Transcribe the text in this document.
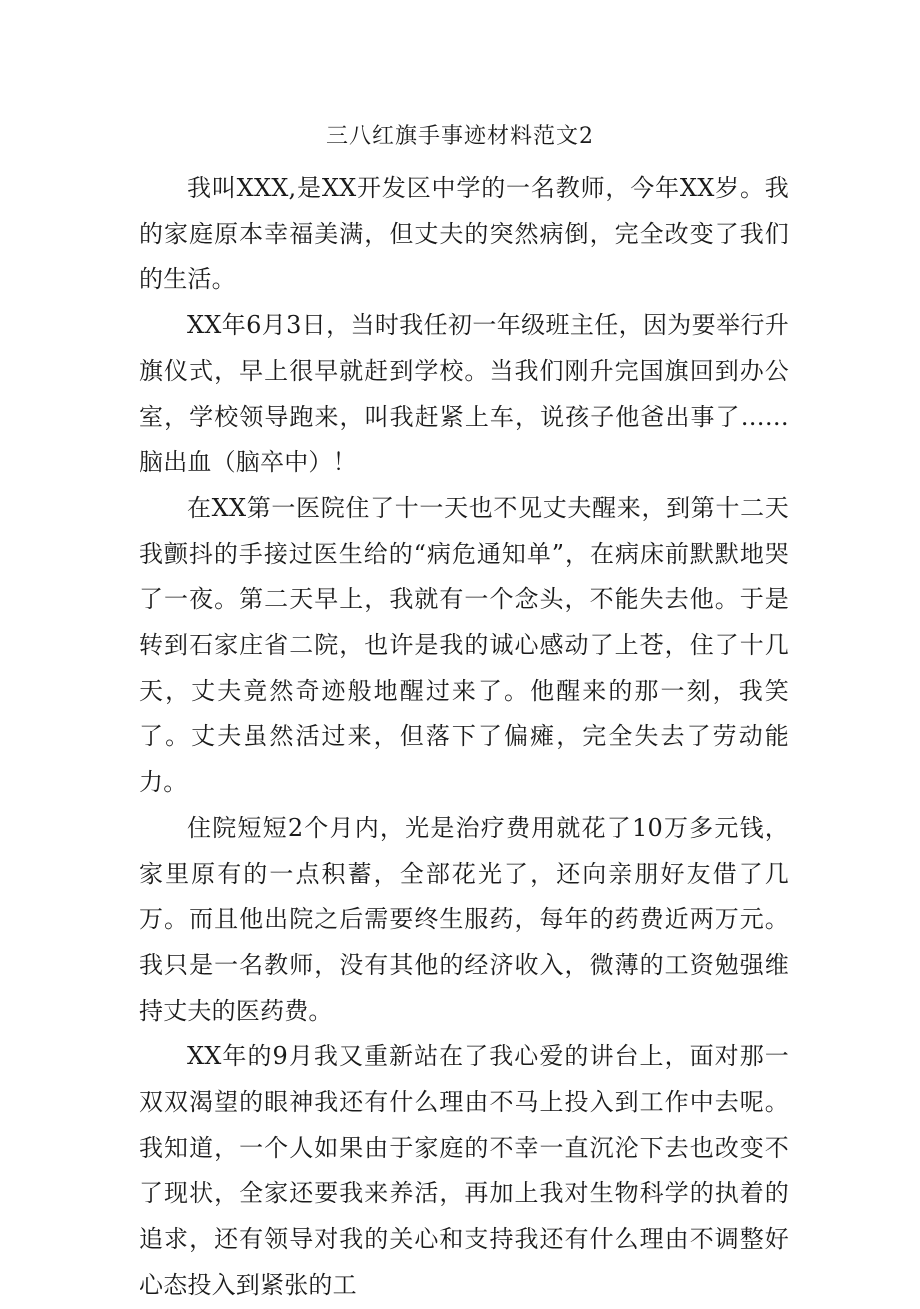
三八红旗手事迹材料范文2

我叫XXX,是XX开发区中学的一名教师，今年XX岁。我的家庭原本幸福美满，但丈夫的突然病倒，完全改变了我们的生活。

XX年6月3日，当时我任初一年级班主任，因为要举行升旗仪式，早上很早就赶到学校。当我们刚升完国旗回到办公室，学校领导跑来，叫我赶紧上车，说孩子他爸出事了……脑出血（脑卒中）！

在XX第一医院住了十一天也不见丈夫醒来，到第十二天我颤抖的手接过医生给的“病危通知单”，在病床前默默地哭了一夜。第二天早上，我就有一个念头，不能失去他。于是转到石家庄省二院，也许是我的诚心感动了上苍，住了十几天，丈夫竟然奇迹般地醒过来了。他醒来的那一刻，我笑了。丈夫虽然活过来，但落下了偏瘫，完全失去了劳动能力。

住院短短2个月内，光是治疗费用就花了10万多元钱，家里原有的一点积蓄，全部花光了，还向亲朋好友借了几万。而且他出院之后需要终生服药，每年的药费近两万元。我只是一名教师，没有其他的经济收入，微薄的工资勉强维持丈夫的医药费。

XX年的9月我又重新站在了我心爱的讲台上，面对那一双双渴望的眼神我还有什么理由不马上投入到工作中去呢。我知道，一个人如果由于家庭的不幸一直沉沦下去也改变不了现状，全家还要我来养活，再加上我对生物科学的执着的追求，还有领导对我的关心和支持我还有什么理由不调整好心态投入到紧张的工
